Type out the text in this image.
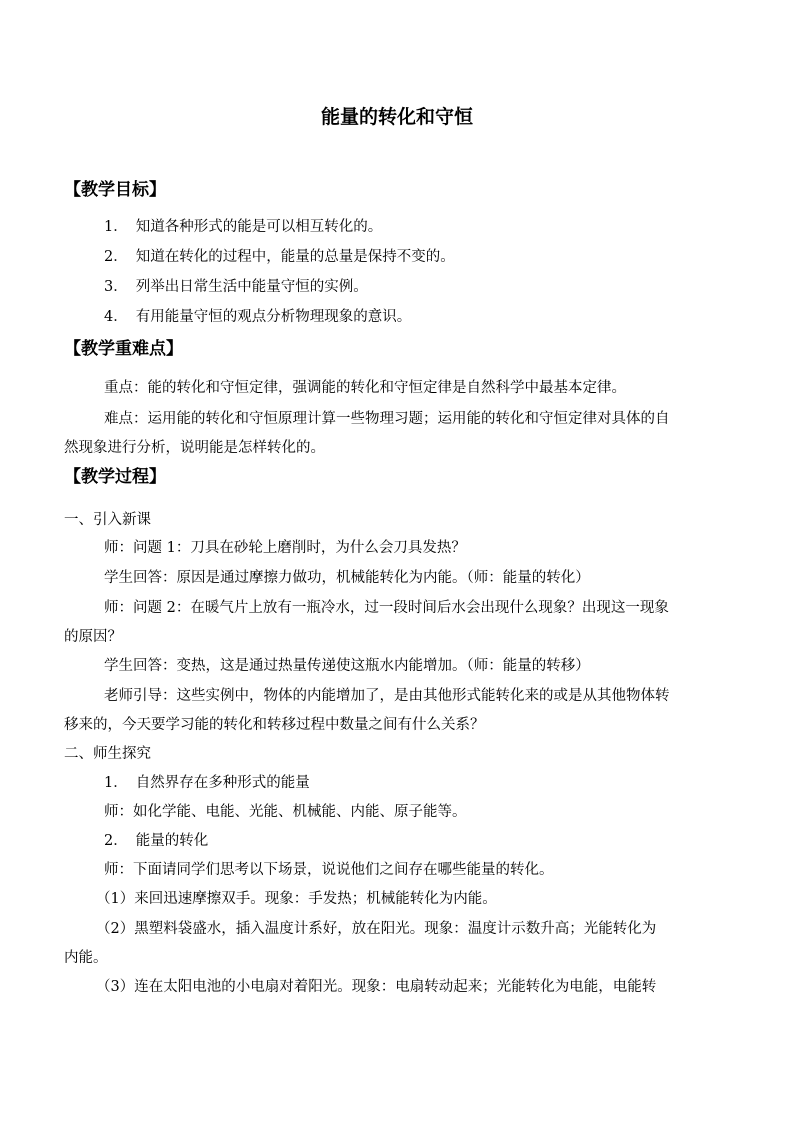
能量的转化和守恒
【教学目标】

1． 知道各种形式的能是可以相互转化的。

2． 知道在转化的过程中，能量的总量是保持不变的。

3． 列举出日常生活中能量守恒的实例。

4． 有用能量守恒的观点分析物理现象的意识。

【教学重难点】

重点：能的转化和守恒定律，强调能的转化和守恒定律是自然科学中最基本定律。

难点：运用能的转化和守恒原理计算一些物理习题；运用能的转化和守恒定律对具体的自

然现象进行分析，说明能是怎样转化的。

【教学过程】

一、引入新课

师：问题 1：刀具在砂轮上磨削时，为什么会刀具发热？

学生回答：原因是通过摩擦力做功，机械能转化为内能。（师：能量的转化）

师：问题 2：在暖气片上放有一瓶冷水，过一段时间后水会出现什么现象？出现这一现象

的原因？

学生回答：变热，这是通过热量传递使这瓶水内能增加。（师：能量的转移）

老师引导：这些实例中，物体的内能增加了，是由其他形式能转化来的或是从其他物体转

移来的，今天要学习能的转化和转移过程中数量之间有什么关系？

二、师生探究

1． 自然界存在多种形式的能量

师：如化学能、电能、光能、机械能、内能、原子能等。

2． 能量的转化

师：下面请同学们思考以下场景，说说他们之间存在哪些能量的转化。

（1）来回迅速摩擦双手。现象：手发热；机械能转化为内能。

（2）黑塑料袋盛水，插入温度计系好，放在阳光。现象：温度计示数升高；光能转化为

内能。

（3）连在太阳电池的小电扇对着阳光。现象：电扇转动起来；光能转化为电能，电能转
